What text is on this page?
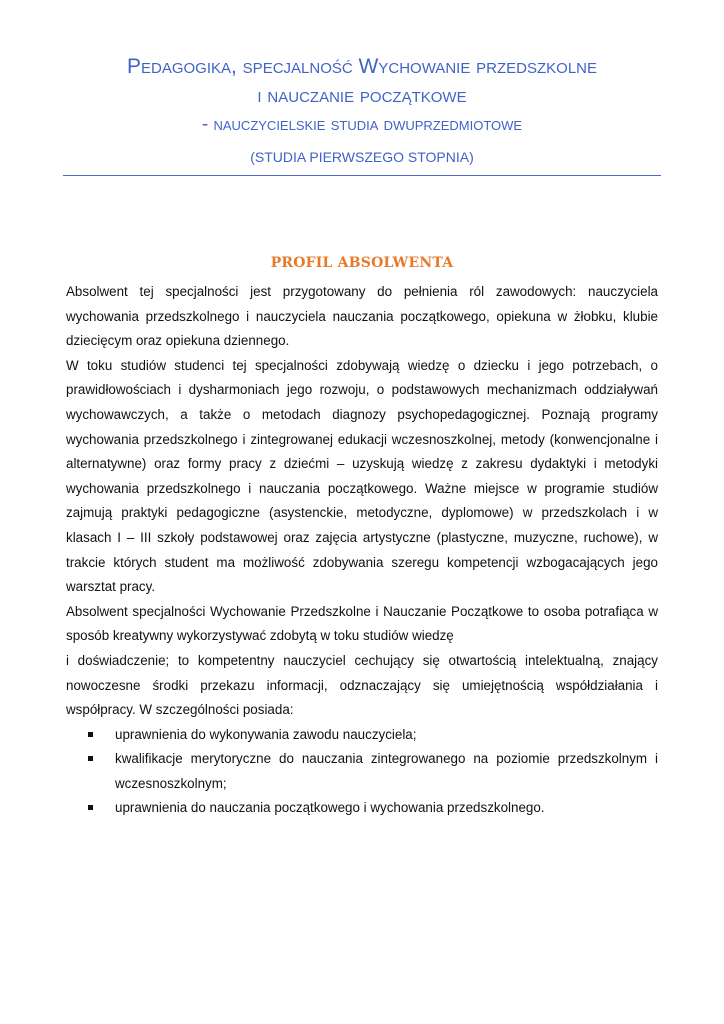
Pedagogika, specjalność Wychowanie przedszkolne
i nauczanie początkowe
- nauczycielskie studia dwuprzedmiotowe
(STUDIA PIERWSZEGO STOPNIA)
PROFIL ABSOLWENTA

Absolwent tej specjalności jest przygotowany do pełnienia ról zawodowych: nauczyciela wychowania przedszkolnego i nauczyciela nauczania początkowego, opiekuna w żłobku, klubie dziecięcym oraz opiekuna dziennego.

W toku studiów studenci tej specjalności zdobywają wiedzę o dziecku i jego potrzebach, o prawidłowościach i dysharmoniach jego rozwoju, o podstawowych mechanizmach oddziaływań wychowawczych, a także o metodach diagnozy psychopedagogicznej. Poznają programy wychowania przedszkolnego i zintegrowanej edukacji wczesnoszkolnej, metody (konwencjonalne i alternatywne) oraz formy pracy z dziećmi – uzyskują wiedzę z zakresu dydaktyki i metodyki wychowania przedszkolnego i nauczania początkowego. Ważne miejsce w programie studiów zajmują praktyki pedagogiczne (asystenckie, metodyczne, dyplomowe) w przedszkolach i w klasach I – III szkoły podstawowej oraz zajęcia artystyczne (plastyczne, muzyczne, ruchowe), w trakcie których student ma możliwość zdobywania szeregu kompetencji wzbogacających jego warsztat pracy.

Absolwent specjalności Wychowanie Przedszkolne i Nauczanie Początkowe to osoba potrafiąca w sposób kreatywny wykorzystywać zdobytą w toku studiów wiedzę

i doświadczenie; to kompetentny nauczyciel cechujący się otwartością intelektualną, znający nowoczesne środki przekazu informacji, odznaczający się umiejętnością współdziałania i współpracy. W szczególności posiada:

uprawnienia do wykonywania zawodu nauczyciela;
kwalifikacje merytoryczne do nauczania zintegrowanego na poziomie przedszkolnym i wczesnoszkolnym;
uprawnienia do nauczania początkowego i wychowania przedszkolnego.
